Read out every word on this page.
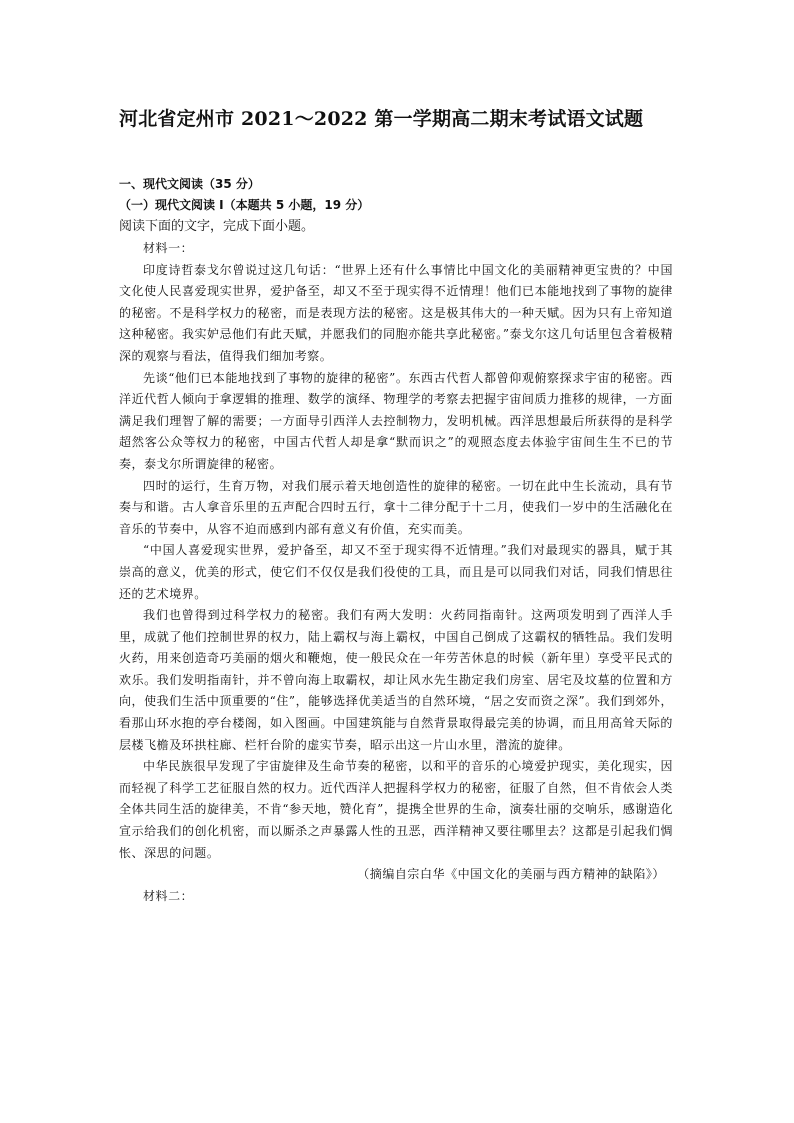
河北省定州市 2021～2022 第一学期高二期末考试语文试题
一、现代文阅读（35 分）
（一）现代文阅读 I（本题共 5 小题，19 分）
阅读下面的文字，完成下面小题。

材料一：

印度诗哲泰戈尔曾说过这几句话：“世界上还有什么事情比中国文化的美丽精神更宝贵的？中国文化使人民喜爱现实世界，爱护备至，却又不至于现实得不近情理！他们已本能地找到了事物的旋律的秘密。不是科学权力的秘密，而是表现方法的秘密。这是极其伟大的一种天赋。因为只有上帝知道这种秘密。我实妒忌他们有此天赋，并愿我们的同胞亦能共享此秘密。”泰戈尔这几句话里包含着极精深的观察与看法，值得我们细加考察。

先谈“他们已本能地找到了事物的旋律的秘密”。东西古代哲人都曾仰观俯察探求宇宙的秘密。西洋近代哲人倾向于拿逻辑的推理、数学的演绎、物理学的考察去把握宇宙间质力推移的规律，一方面满足我们理智了解的需要；一方面导引西洋人去控制物力，发明机械。西洋思想最后所获得的是科学超然客公众等权力的秘密，中国古代哲人却是拿“默而识之”的观照态度去体验宇宙间生生不已的节奏，泰戈尔所谓旋律的秘密。

四时的运行，生育万物，对我们展示着天地创造性的旋律的秘密。一切在此中生长流动，具有节奏与和谐。古人拿音乐里的五声配合四时五行，拿十二律分配于十二月，使我们一岁中的生活融化在音乐的节奏中，从容不迫而感到内部有意义有价值，充实而美。

“中国人喜爱现实世界，爱护备至，却又不至于现实得不近情理。”我们对最现实的器具，赋于其崇高的意义，优美的形式，使它们不仅仅是我们役使的工具，而且是可以同我们对话，同我们情思往还的艺术境界。

我们也曾得到过科学权力的秘密。我们有两大发明：火药同指南针。这两项发明到了西洋人手里，成就了他们控制世界的权力，陆上霸权与海上霸权，中国自己倒成了这霸权的牺牲品。我们发明火药，用来创造奇巧美丽的烟火和鞭炮，使一般民众在一年劳苦休息的时候（新年里）享受平民式的欢乐。我们发明指南针，并不曾向海上取霸权，却让风水先生勘定我们房室、居宅及坟墓的位置和方向，使我们生活中顶重要的“住”，能够选择优美适当的自然环境，“居之安而资之深”。我们到郊外，看那山环水抱的亭台楼阁，如入图画。中国建筑能与自然背景取得最完美的协调，而且用高耸天际的层楼飞檐及环拱柱廊、栏杆台阶的虚实节奏，昭示出这一片山水里，潜流的旋律。

中华民族很早发现了宇宙旋律及生命节奏的秘密，以和平的音乐的心境爱护现实，美化现实，因而轻视了科学工艺征服自然的权力。近代西洋人把握科学权力的秘密，征服了自然，但不肯依会人类全体共同生活的旋律美，不肯“参天地，赞化育”，提携全世界的生命，演奏壮丽的交响乐，感谢造化宣示给我们的创化机密，而以厮杀之声暴露人性的丑恶，西洋精神又要往哪里去？这都是引起我们惆怅、深思的问题。

（摘编自宗白华《中国文化的美丽与西方精神的缺陷》）

材料二：
